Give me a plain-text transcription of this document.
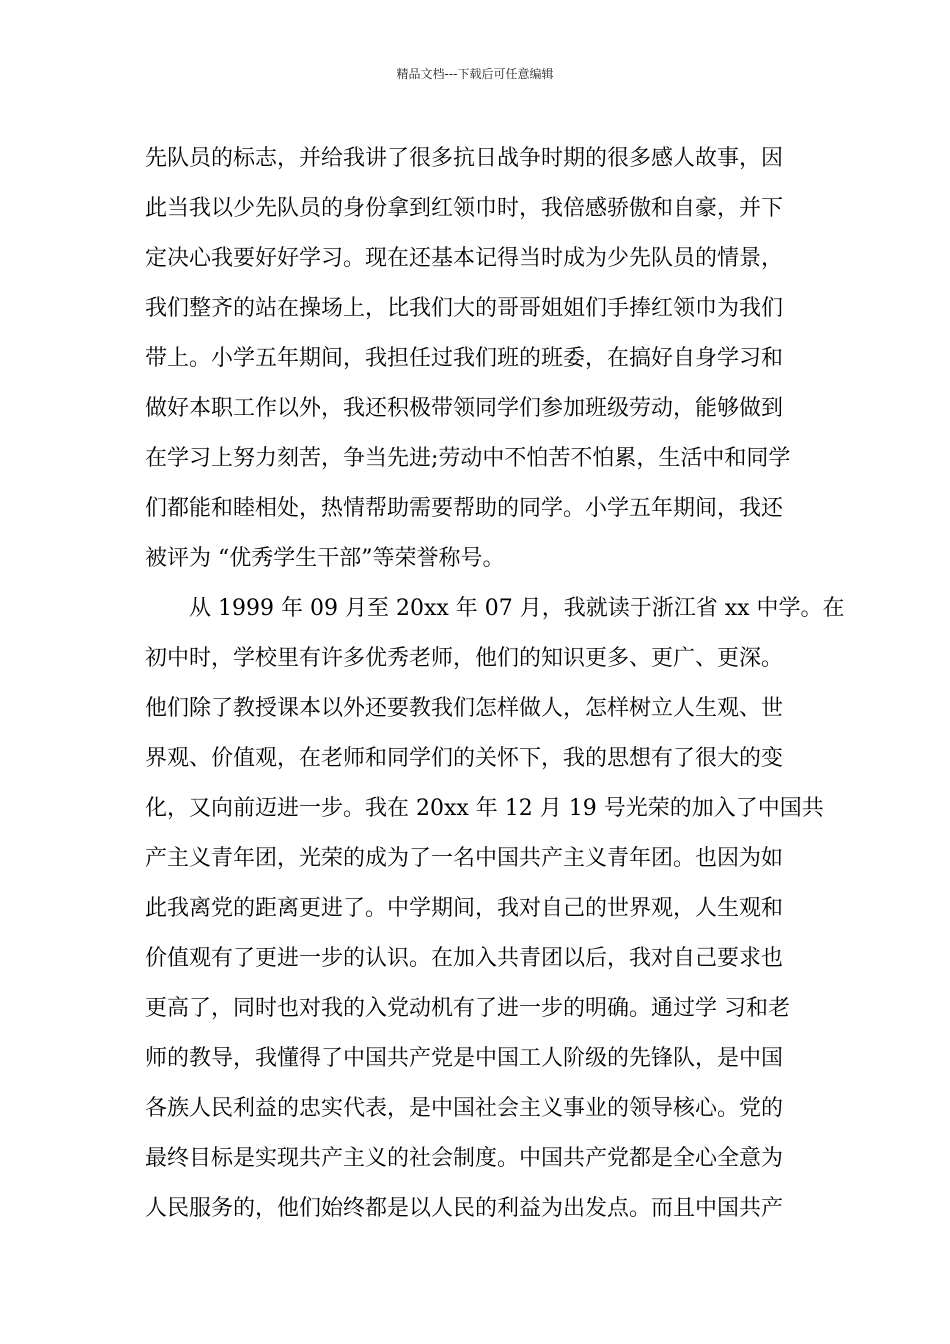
精品文档---下载后可任意编辑
先队员的标志，并给我讲了很多抗日战争时期的很多感人故事，因
此当我以少先队员的身份拿到红领巾时，我倍感骄傲和自豪，并下
定决心我要好好学习。现在还基本记得当时成为少先队员的情景，
我们整齐的站在操场上，比我们大的哥哥姐姐们手捧红领巾为我们
带上。小学五年期间，我担任过我们班的班委，在搞好自身学习和
做好本职工作以外，我还积极带领同学们参加班级劳动，能够做到
在学习上努力刻苦，争当先进;劳动中不怕苦不怕累，生活中和同学
们都能和睦相处，热情帮助需要帮助的同学。小学五年期间，我还
被评为 “优秀学生干部”等荣誉称号。
　　从 1999 年 09 月至 20xx 年 07 月，我就读于浙江省 xx 中学。在
初中时，学校里有许多优秀老师，他们的知识更多、更广、更深。
他们除了教授课本以外还要教我们怎样做人，怎样树立人生观、世
界观、价值观，在老师和同学们的关怀下，我的思想有了很大的变
化，又向前迈进一步。我在 20xx 年 12 月 19 号光荣的加入了中国共
产主义青年团，光荣的成为了一名中国共产主义青年团。也因为如
此我离党的距离更进了。中学期间，我对自己的世界观，人生观和
价值观有了更进一步的认识。在加入共青团以后，我对自己要求也
更高了，同时也对我的入党动机有了进一步的明确。通过学 习和老
师的教导，我懂得了中国共产党是中国工人阶级的先锋队，是中国
各族人民利益的忠实代表，是中国社会主义事业的领导核心。党的
最终目标是实现共产主义的社会制度。中国共产党都是全心全意为
人民服务的，他们始终都是以人民的利益为出发点。而且中国共产
